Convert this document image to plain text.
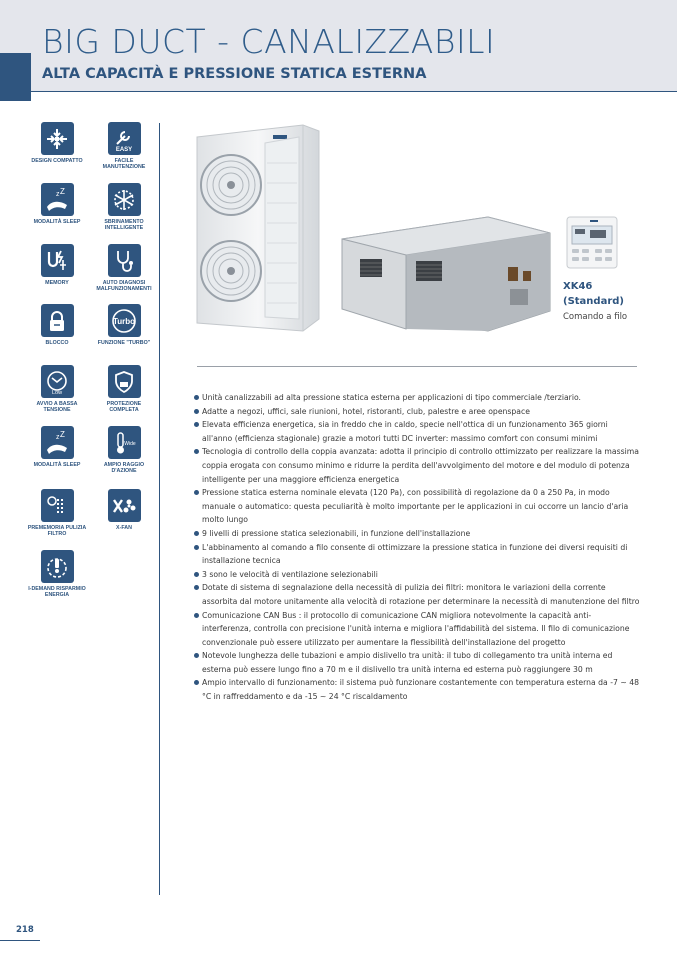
BIG DUCT - CANALIZZABILI
ALTA CAPACITÀ E PRESSIONE STATICA ESTERNA
DESIGN COMPATTO
EASY
FACILE MANUTENZIONE
z Z
MODALITÀ SLEEP	SBRINAMENTO INTELLIGENTE
MEMORY	AUTO DIAGNOSI MALFUNZIONAMENTI
BLOCCO
Turbo
FUNZIONE "TURBO"
Low
AVVIO A BASSA TENSIONE
PROTEZIONE COMPLETA
z Z
MODALITÀ SLEEP
Wide
AMPIO RAGGIO D'AZIONE
PREMEMORIA PULIZIA FILTRO
X-FAN
I-DEMAND RISPARMIO ENERGIA
XK46
(Standard)
Comando a filo
Unità canalizzabili ad alta pressione statica esterna per applicazioni di tipo commerciale /terziario.
Adatte a negozi, uffici, sale riunioni, hotel, ristoranti, club, palestre e aree openspace
Elevata efficienza energetica, sia in freddo che in caldo, specie nell'ottica di un funzionamento 365 giorni all'anno (efficienza stagionale) grazie a motori tutti DC inverter: massimo comfort con consumi minimi
Tecnologia di controllo della coppia avanzata: adotta il principio di controllo ottimizzato per realizzare la massima coppia erogata con consumo minimo e ridurre la perdita dell'avvolgimento del motore e del modulo di potenza intelligente per una maggiore efficienza energetica
Pressione statica esterna nominale elevata (120 Pa), con possibilità di regolazione da 0 a 250 Pa, in modo manuale o automatico: questa peculiarità è molto importante per le applicazioni in cui occorre un lancio d'aria molto lungo
9 livelli di pressione statica selezionabili, in funzione dell'installazione
L'abbinamento al comando a filo consente di ottimizzare la pressione statica in funzione dei diversi requisiti di installazione tecnica
3 sono le velocità di ventilazione selezionabili
Dotate di sistema di segnalazione della necessità di pulizia dei filtri: monitora le variazioni della corrente assorbita dal motore unitamente alla velocità di rotazione per determinare la necessità di manutenzione del filtro
Comunicazione CAN Bus : il protocollo di comunicazione CAN migliora notevolmente la capacità anti-interferenza, controlla con precisione l'unità interna e migliora l'affidabilità del sistema. Il filo di comunicazione convenzionale può essere utilizzato per aumentare la flessibilità dell'installazione del progetto
Notevole lunghezza delle tubazioni e ampio dislivello tra unità: il tubo di collegamento tra unità interna ed esterna può essere lungo fino a 70 m e il dislivello tra unità interna ed esterna può raggiungere 30 m
Ampio intervallo di funzionamento: il sistema può funzionare costantemente con temperatura esterna da -7 ~ 48 °C in raffreddamento e da -15 ~ 24 °C riscaldamento
218
